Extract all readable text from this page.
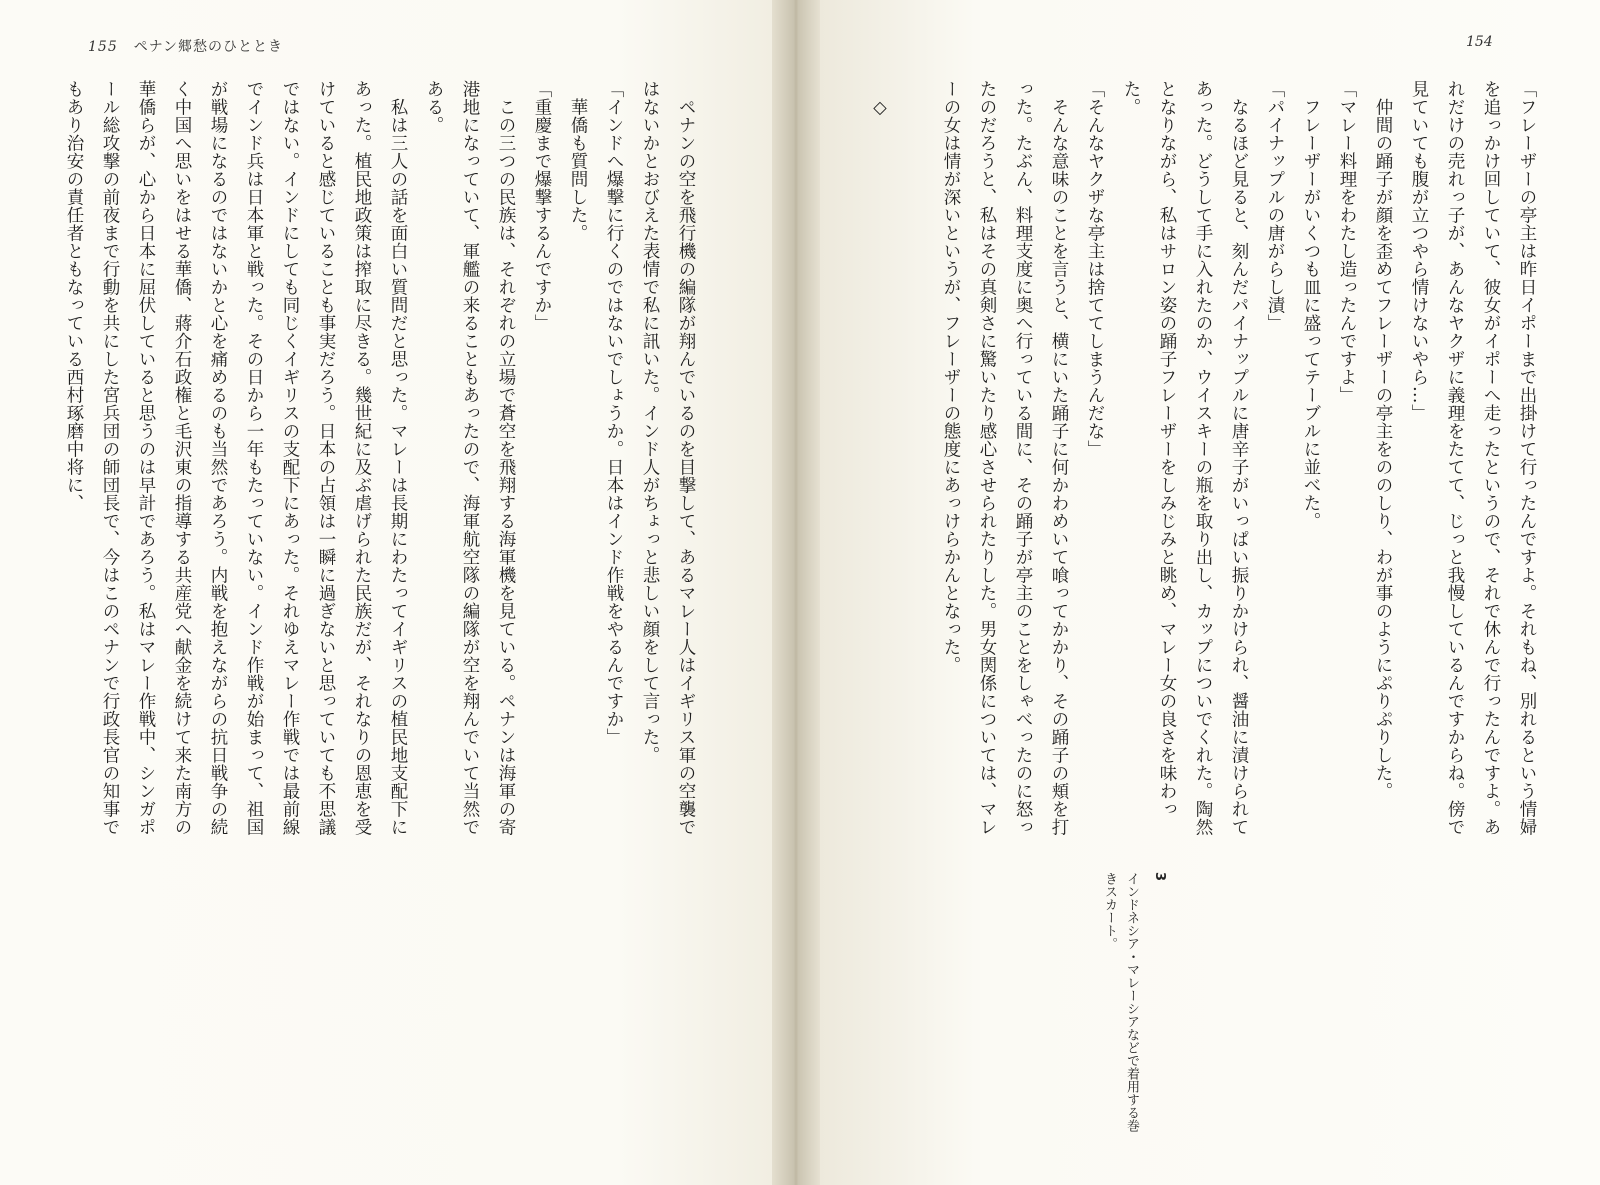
155 ペナン郷愁のひととき

ペナンの空を飛行機の編隊が翔んでいるのを目撃して、あるマレー人はイギリス軍の空襲ではないかとおびえた表情で私に訊いた。インド人がちょっと悲しい顔をして言った。

「インドへ爆撃に行くのではないでしょうか。日本はインド作戦をやるんですか」

華僑も質問した。

「重慶まで爆撃するんですか」

この三つの民族は、それぞれの立場で蒼空を飛翔する海軍機を見ている。ペナンは海軍の寄港地になっていて、軍艦の来ることもあったので、海軍航空隊の編隊が空を翔んでいて当然である。

私は三人の話を面白い質問だと思った。マレーは長期にわたってイギリスの植民地支配下にあった。植民地政策は搾取に尽きる。幾世紀に及ぶ虐げられた民族だが、それなりの恩恵を受けていると感じていることも事実だろう。日本の占領は一瞬に過ぎないと思っていても不思議ではない。インドにしても同じくイギリスの支配下にあった。それゆえマレー作戦では最前線でインド兵は日本軍と戦った。その日から一年もたっていない。インド作戦が始まって、祖国が戦場になるのではないかと心を痛めるのも当然であろう。内戦を抱えながらの抗日戦争の続く中国へ思いをはせる華僑、蔣介石政権と毛沢東の指導する共産党へ献金を続けて来た南方の華僑らが、心から日本に屈伏していると思うのは早計であろう。私はマレー作戦中、シンガポール総攻撃の前夜まで行動を共にした宮兵団の師団長で、今はこのペナンで行政長官の知事でもあり治安の責任者ともなっている西村琢磨中将に、

154

「フレーザーの亭主は昨日イポーまで出掛けて行ったんですよ。それもね、別れるという情婦を追っかけ回していて、彼女がイポーへ走ったというので、それで休んで行ったんですよ。あれだけの売れっ子が、あんなヤクザに義理をたてて、じっと我慢しているんですからね。傍で見ていても腹が立つやら情けないやら…」

仲間の踊子が顔を歪めてフレーザーの亭主をののしり、わが事のようにぷりぷりした。

「マレー料理をわたし造ったんですよ」

フレーザーがいくつも皿に盛ってテーブルに並べた。

「パイナップルの唐がらし漬」

なるほど見ると、刻んだパイナップルに唐辛子がいっぱい振りかけられ、醤油に漬けられてあった。どうして手に入れたのか、ウイスキーの瓶を取り出し、カップについでくれた。陶然となりながら、私はサロン姿の踊子フレーザーをしみじみと眺め、マレー女の良さを味わった。

「そんなヤクザな亭主は捨ててしまうんだな」

そんな意味のことを言うと、横にいた踊子に何かわめいて喰ってかかり、その踊子の頬を打った。たぶん、料理支度に奥へ行っている間に、その踊子が亭主のことをしゃべったのに怒ったのだろうと、私はその真剣さに驚いたり感心させられたりした。男女関係については、マレーの女は情が深いというが、フレーザーの態度にあっけらかんとなった。

◇

3
インドネシア・マレーシアなどで着用する巻きスカート。
